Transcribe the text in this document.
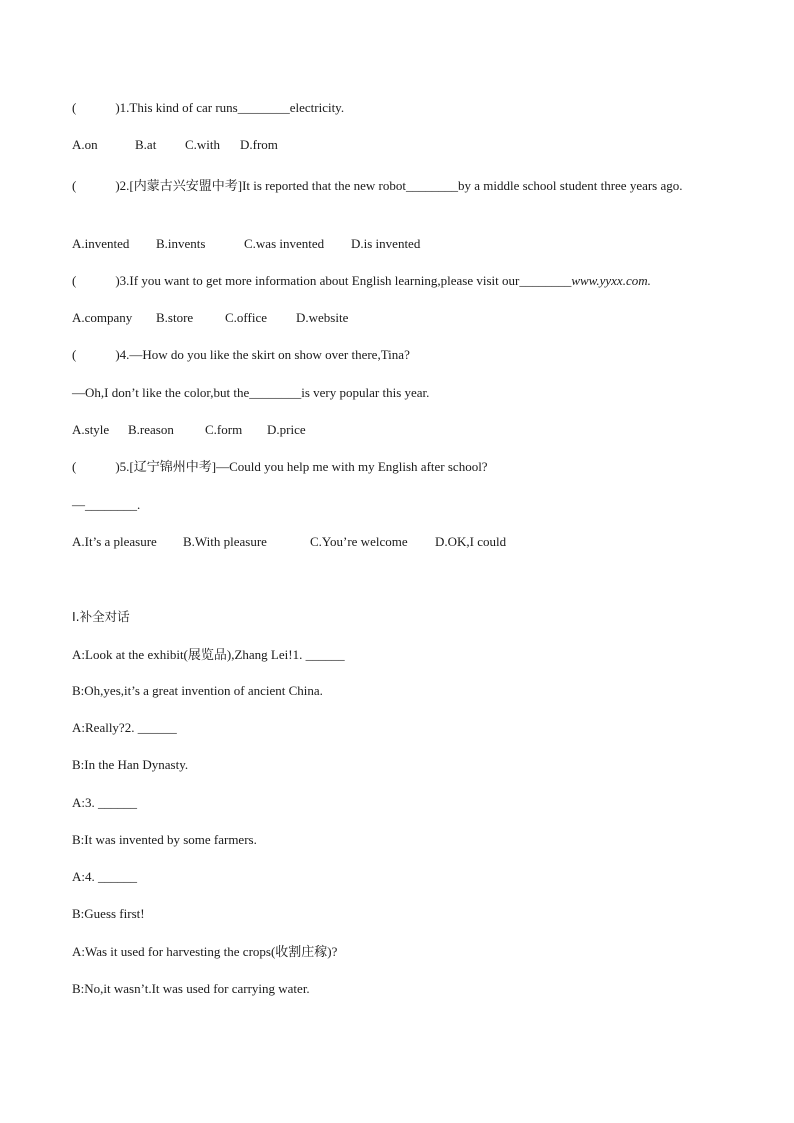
(　　　)1.This kind of car runs________electricity.
A.on	B.at	C.with	D.from
(　　　)2.[内蒙古兴安盟中考]It is reported that the new robot________by a middle school student three years ago.
A.invented	B.invents	C.was invented	D.is invented
(　　　)3.If you want to get more information about English learning,please visit our________www.yyxx.com.
A.company	B.store	C.office	D.website
(　　　)4.—How do you like the skirt on show over there,Tina?
—Oh,I don’t like the color,but the________is very popular this year.
A.style	B.reason	C.form	D.price
(　　　)5.[辽宁锦州中考]—Could you help me with my English after school?
—________.
A.It’s a pleasure	B.With pleasure	C.You’re welcome	D.OK,I could
Ⅰ.补全对话
A:Look at the exhibit(展览品),Zhang Lei!1. ______
B:Oh,yes,it’s a great invention of ancient China.
A:Really?2. ______
B:In the Han Dynasty.
A:3. ______
B:It was invented by some farmers.
A:4. ______
B:Guess first!
A:Was it used for harvesting the crops(收割庄稼)?
B:No,it wasn’t.It was used for carrying water.
